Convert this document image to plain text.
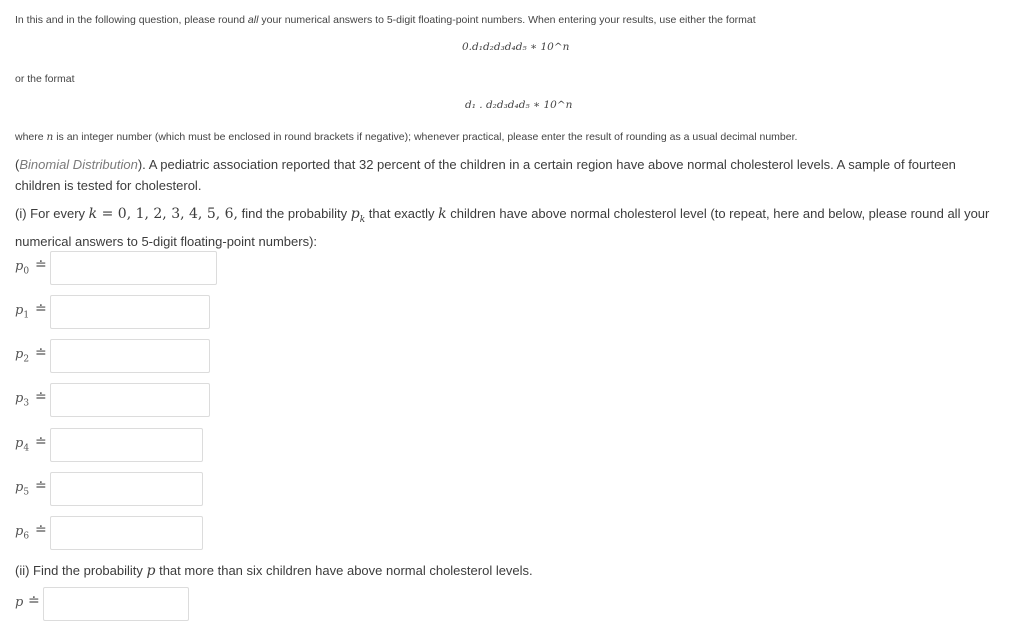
In this and in the following question, please round all your numerical answers to 5-digit floating-point numbers. When entering your results, use either the format
0.d₁d₂d₃d₄d₅ ∗ 10^n
or the format
d₁ . d₂d₃d₄d₅ ∗ 10^n
where n is an integer number (which must be enclosed in round brackets if negative); whenever practical, please enter the result of rounding as a usual decimal number.
(Binomial Distribution). A pediatric association reported that 32 percent of the children in a certain region have above normal cholesterol levels. A sample of fourteen children is tested for cholesterol.
(i) For every k = 0, 1, 2, 3, 4, 5, 6, find the probability $p_k$ that exactly k children have above normal cholesterol level (to repeat, here and below, please round all your numerical answers to 5-digit floating-point numbers):
$p_0$ ≐
$p_1$ ≐
$p_2$ ≐
$p_3$ ≐
$p_4$ ≐
$p_5$ ≐
$p_6$ ≐
(ii) Find the probability p that more than six children have above normal cholesterol levels.
p ≐
